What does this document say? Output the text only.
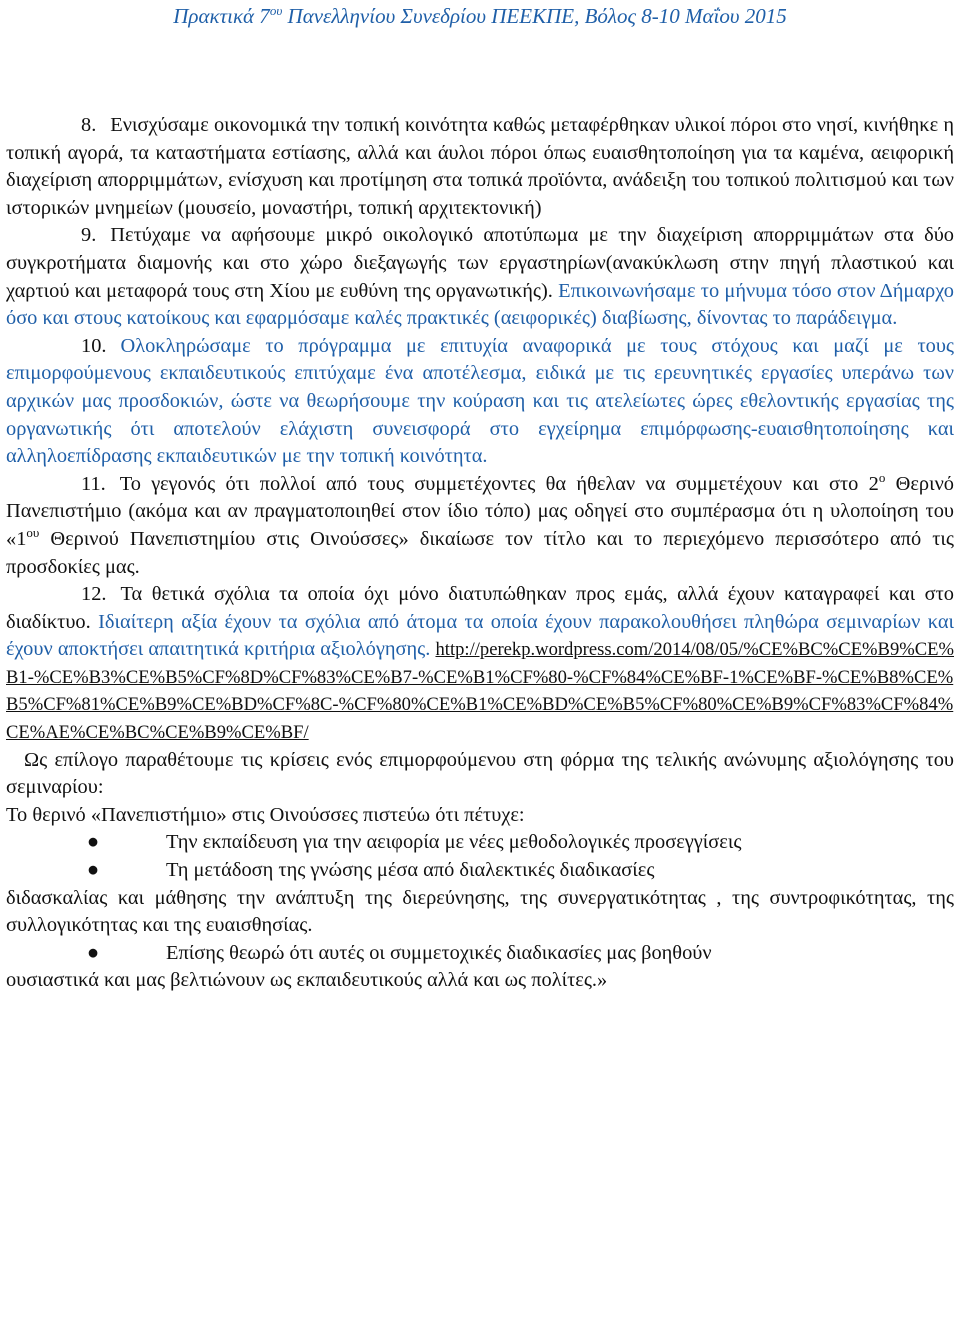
Πρακτικά $7^{o\upsilon}$ Πανελληνίου Συνεδρίου ΠΕΕΚΠΕ, Βόλος 8-10 Μαΐου 2015

8. Ενισχύσαμε οικονομικά την τοπική κοινότητα καθώς μεταφέρθηκαν υλικοί πόροι στο νησί, κινήθηκε η τοπική αγορά, τα καταστήματα εστίασης, αλλά και άυλοι πόροι όπως ευαισθητοποίηση για τα καμένα, αειφορική διαχείριση απορριμμάτων, ενίσχυση και προτίμηση στα τοπικά προϊόντα, ανάδειξη του τοπικού πολιτισμού και των ιστορικών μνημείων (μουσείο, μοναστήρι, τοπική αρχιτεκτονική)

9. Πετύχαμε να αφήσουμε μικρό οικολογικό αποτύπωμα με την διαχείριση απορριμμάτων στα δύο συγκροτήματα διαμονής και στο χώρο διεξαγωγής των εργαστηρίων(ανακύκλωση στην πηγή πλαστικού και χαρτιού και μεταφορά τους στη Χίου με ευθύνη της οργανωτικής). Επικοινωνήσαμε το μήνυμα τόσο στον Δήμαρχο όσο και στους κατοίκους και εφαρμόσαμε καλές πρακτικές (αειφορικές) διαβίωσης, δίνοντας το παράδειγμα.

10. Ολοκληρώσαμε το πρόγραμμα με επιτυχία αναφορικά με τους στόχους και μαζί με τους επιμορφούμενους εκπαιδευτικούς επιτύχαμε ένα αποτέλεσμα, ειδικά με τις ερευνητικές εργασίες υπεράνω των αρχικών μας προσδοκιών, ώστε να θεωρήσουμε την κούραση και τις ατελείωτες ώρες εθελοντικής εργασίας της οργανωτικής ότι αποτελούν ελάχιστη συνεισφορά στο εγχείρημα επιμόρφωσης-ευαισθητοποίησης και αλληλοεπίδρασης εκπαιδευτικών με την τοπική κοινότητα.

11. Το γεγονός ότι πολλοί από τους συμμετέχοντες θα ήθελαν να συμμετέχουν και στο $2^o$ Θερινό Πανεπιστήμιο (ακόμα και αν πραγματοποιηθεί στον ίδιο τόπο) μας οδηγεί στο συμπέρασμα ότι η υλοποίηση του «$1^{o\upsilon}$ Θερινού Πανεπιστημίου στις Οινούσσες» δικαίωσε τον τίτλο και το περιεχόμενο περισσότερο από τις προσδοκίες μας.

12. Τα θετικά σχόλια τα οποία όχι μόνο διατυπώθηκαν προς εμάς, αλλά έχουν καταγραφεί και στο διαδίκτυο. Ιδιαίτερη αξία έχουν τα σχόλια από άτομα τα οποία έχουν παρακολουθήσει πληθώρα σεμιναρίων και έχουν αποκτήσει απαιτητικά κριτήρια αξιολόγησης. http://perekp.wordpress.com/2014/08/05/%CE%BC%CE%B9%CE%B1-%CE%B3%CE%B5%CF%8D%CF%83%CE%B7-%CE%B1%CF%80-%CF%84%CE%BF-1%CE%BF-%CE%B8%CE%B5%CF%81%CE%B9%CE%BD%CF%8C-%CF%80%CE%B1%CE%BD%CE%B5%CF%80%CE%B9%CF%83%CF%84%CE%AE%CE%BC%CE%B9%CE%BF/

Ως επίλογο παραθέτουμε τις κρίσεις ενός επιμορφούμενου στη φόρμα της τελικής ανώνυμης αξιολόγησης του σεμιναρίου:

Το θερινό «Πανεπιστήμιο» στις Οινούσσες πιστεύω ότι πέτυχε:

●	Την εκπαίδευση για την αειφορία με νέες μεθοδολογικές προσεγγίσεις

●	Τη μετάδοση της γνώσης μέσα από διαλεκτικές διαδικασίες

διδασκαλίας και μάθησης την ανάπτυξη της διερεύνησης, της συνεργατικότητας , της συντροφικότητας, της συλλογικότητας και της ευαισθησίας.

●	Επίσης θεωρώ ότι αυτές οι συμμετοχικές διαδικασίες μας βοηθούν

ουσιαστικά και μας βελτιώνουν ως εκπαιδευτικούς αλλά και ως πολίτες.»
